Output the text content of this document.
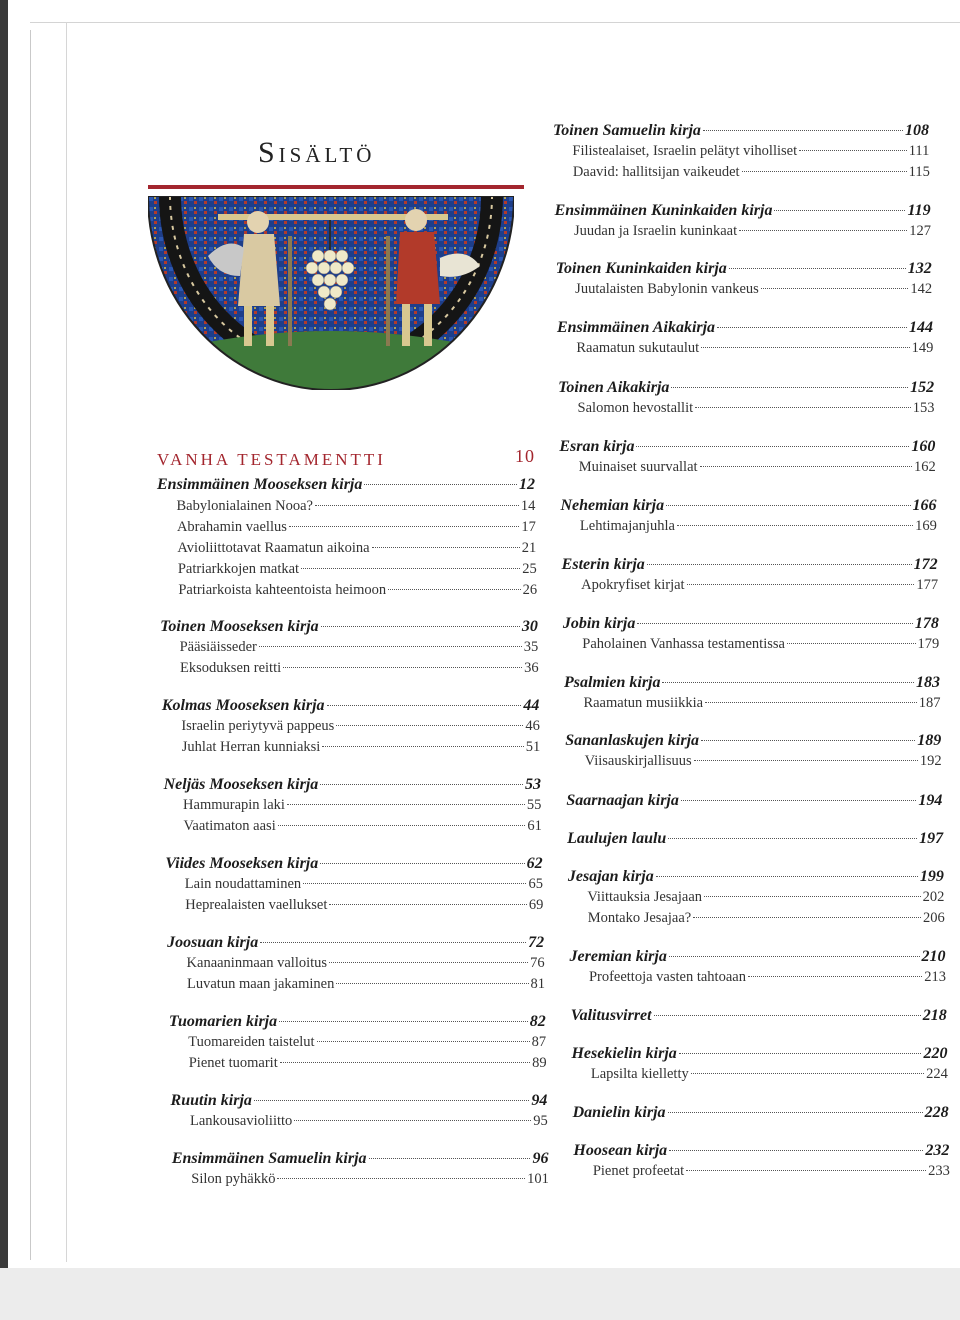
Sisältö
VANHA TESTAMENTTI	10
Ensimmäinen Mooseksen kirja	12
Babylonialainen Nooa?	14
Abrahamin vaellus	17
Avioliittotavat Raamatun aikoina	21
Patriarkkojen matkat	25
Patriarkoista kahteentoista heimoon	26
Toinen Mooseksen kirja	30
Pääsiäisseder	35
Eksoduksen reitti	36
Kolmas Mooseksen kirja	44
Israelin periytyvä pappeus	46
Juhlat Herran kunniaksi	51
Neljäs Mooseksen kirja	53
Hammurapin laki	55
Vaatimaton aasi	61
Viides Mooseksen kirja	62
Lain noudattaminen	65
Heprealaisten vaellukset	69
Joosuan kirja	72
Kanaaninmaan valloitus	76
Luvatun maan jakaminen	81
Tuomarien kirja	82
Tuomareiden taistelut	87
Pienet tuomarit	89
Ruutin kirja	94
Lankousavioliitto	95
Ensimmäinen Samuelin kirja	96
Silon pyhäkkö	101
Toinen Samuelin kirja	108
Filistealaiset, Israelin pelätyt viholliset	111
Daavid: hallitsijan vaikeudet	115
Ensimmäinen Kuninkaiden kirja	119
Juudan ja Israelin kuninkaat	127
Toinen Kuninkaiden kirja	132
Juutalaisten Babylonin vankeus	142
Ensimmäinen Aikakirja	144
Raamatun sukutaulut	149
Toinen Aikakirja	152
Salomon hevostallit	153
Esran kirja	160
Muinaiset suurvallat	162
Nehemian kirja	166
Lehtimajanjuhla	169
Esterin kirja	172
Apokryfiset kirjat	177
Jobin kirja	178
Paholainen Vanhassa testamentissa	179
Psalmien kirja	183
Raamatun musiikkia	187
Sananlaskujen kirja	189
Viisauskirjallisuus	192
Saarnaajan kirja	194
Laulujen laulu	197
Jesajan kirja	199
Viittauksia Jesajaan	202
Montako Jesajaa?	206
Jeremian kirja	210
Profeettoja vasten tahtoaan	213
Valitusvirret	218
Hesekielin kirja	220
Lapsilta kielletty	224
Danielin kirja	228
Hoosean kirja	232
Pienet profeetat	233
